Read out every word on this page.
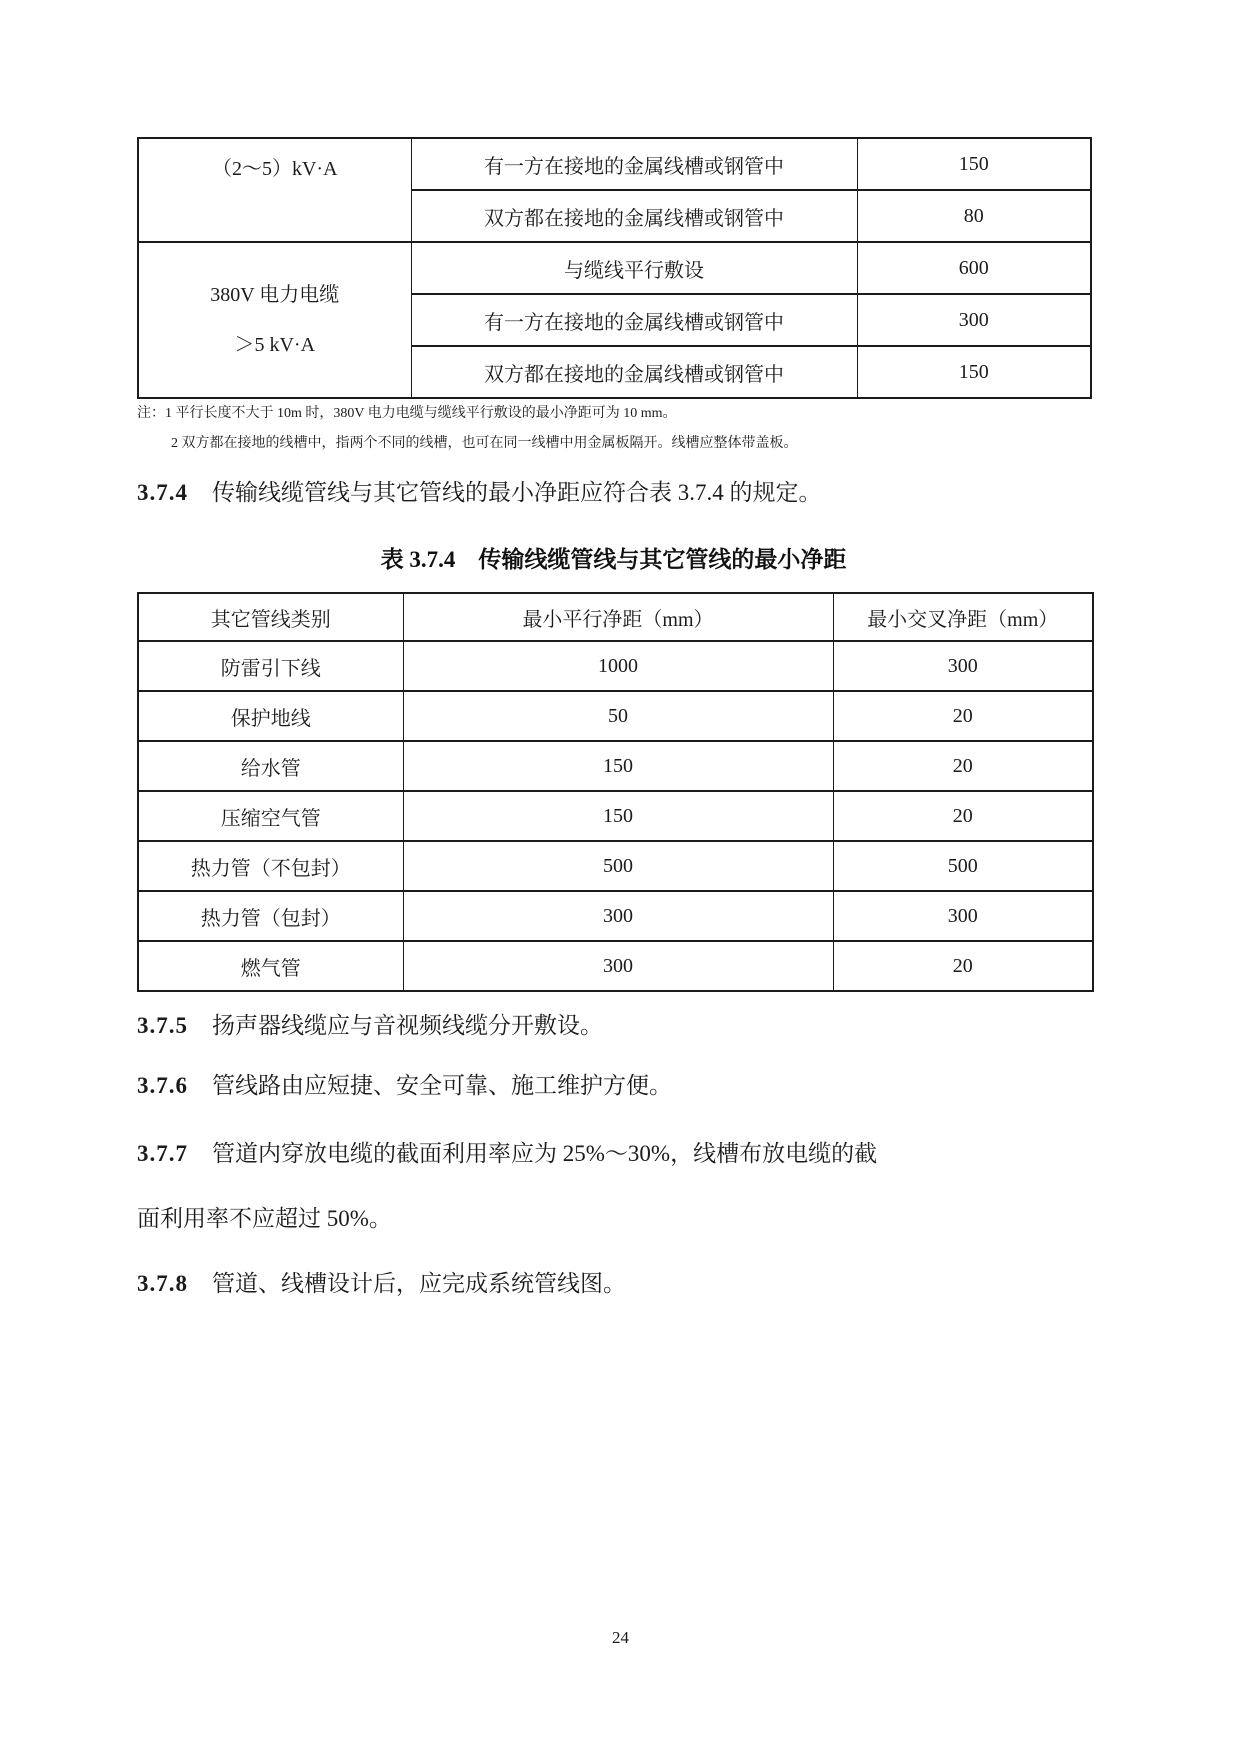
（2～5）kV·A	有一方在接地的金属线槽或钢管中	150
	双方都在接地的金属线槽或钢管中	80

380V 电力电缆
＞5 kV·A	与缆线平行敷设	600
	有一方在接地的金属线槽或钢管中	300
	双方都在接地的金属线槽或钢管中	150
注：1 平行长度不大于 10m 时，380V 电力电缆与缆线平行敷设的最小净距可为 10 mm。
2 双方都在接地的线槽中，指两个不同的线槽，也可在同一线槽中用金属板隔开。线槽应整体带盖板。
3.7.4 传输线缆管线与其它管线的最小净距应符合表 3.7.4 的规定。
表 3.7.4　传输线缆管线与其它管线的最小净距
其它管线类别	最小平行净距（mm）	最小交叉净距（mm）
防雷引下线	1000	300
保护地线	50	20
给水管	150	20
压缩空气管	150	20
热力管（不包封）	500	500
热力管（包封）	300	300
燃气管	300	20
3.7.5 扬声器线缆应与音视频线缆分开敷设。
3.7.6 管线路由应短捷、安全可靠、施工维护方便。
3.7.7 管道内穿放电缆的截面利用率应为 25%～30%，线槽布放电缆的截
面利用率不应超过 50%。
3.7.8 管道、线槽设计后，应完成系统管线图。
24
